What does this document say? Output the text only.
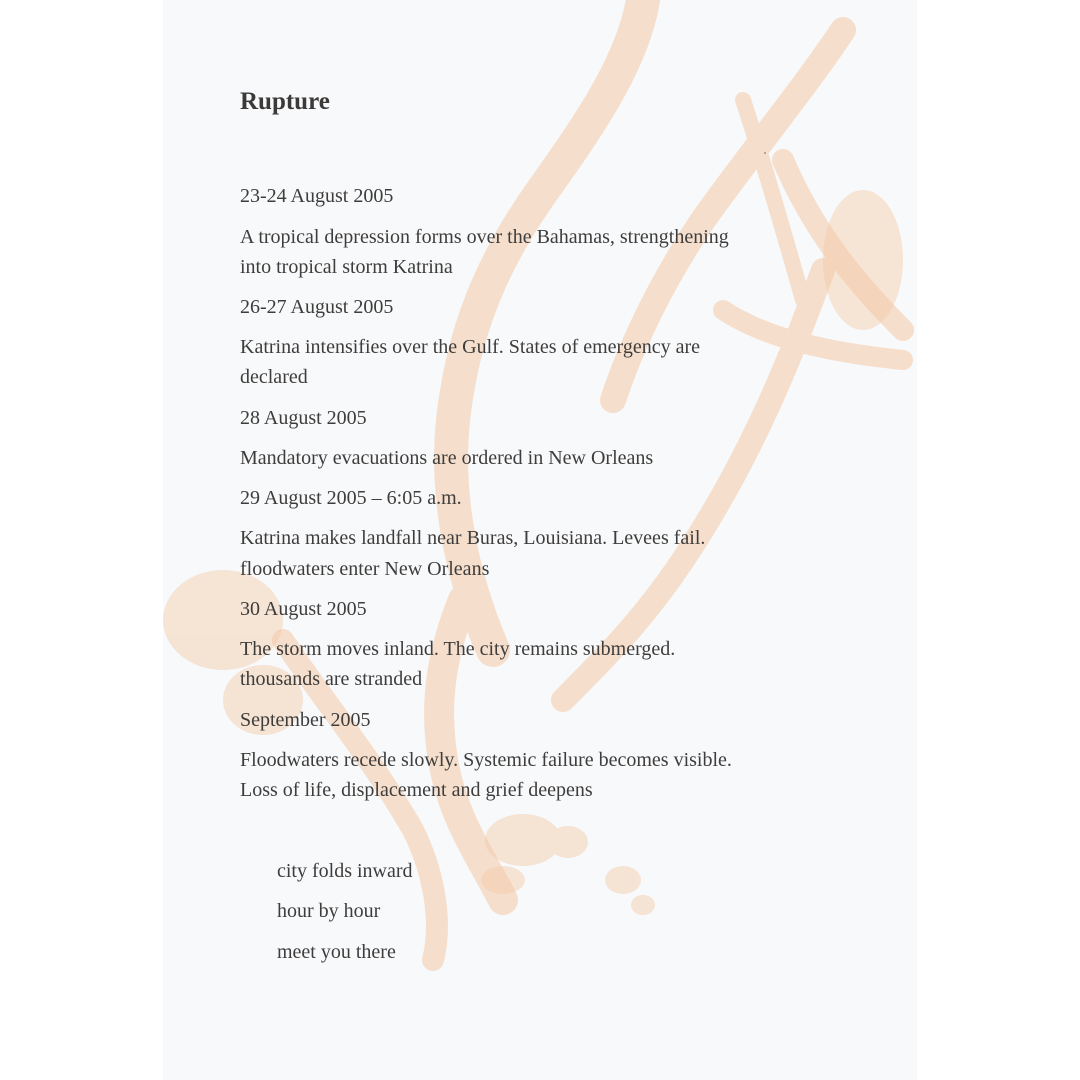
Rupture

23-24 August 2005

A tropical depression forms over the Bahamas, strengthening

into tropical storm Katrina

26-27 August 2005

Katrina intensifies over the Gulf. States of emergency are

declared

28 August 2005

Mandatory evacuations are ordered in New Orleans

29 August 2005 – 6:05 a.m.

Katrina makes landfall near Buras, Louisiana. Levees fail.

floodwaters enter New Orleans

30 August 2005

The storm moves inland. The city remains submerged.

thousands are stranded

September 2005

Floodwaters recede slowly. Systemic failure becomes visible.

Loss of life, displacement and grief deepens

city folds inward

hour by hour

meet you there
